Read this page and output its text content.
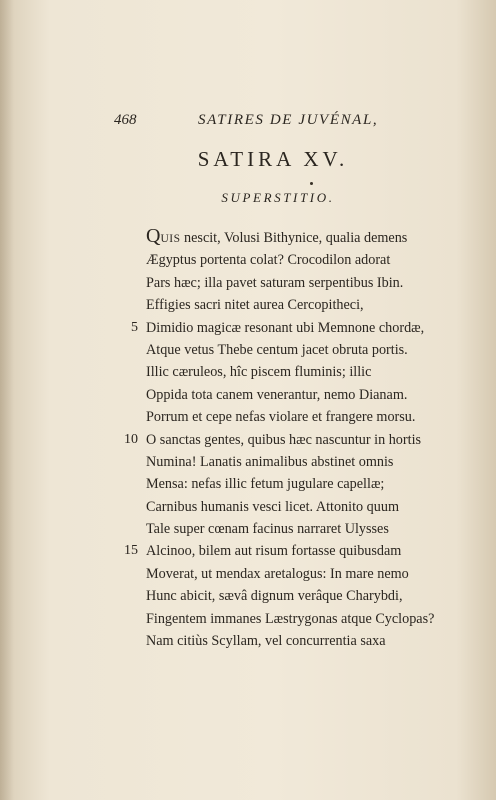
468	SATIRES DE JUVÉNAL,
SATIRA XV.
SUPERSTITIO.
QUIS nescit, Volusi Bithynice, qualia demens
Ægyptus portenta colat? Crocodilon adorat
Pars hæc; illa pavet saturam serpentibus Ibin.
Effigies sacri nitet aurea Cercopitheci,
5 Dimidio magicæ resonant ubi Memnone chordæ,
Atque vetus Thebe centum jacet obruta portis.
Illic cæruleos, hîc piscem fluminis; illic
Oppida tota canem venerantur, nemo Dianam.
Porrum et cepe nefas violare et frangere morsu.
10 O sanctas gentes, quibus hæc nascuntur in hortis
Numina! Lanatis animalibus abstinet omnis
Mensa: nefas illic fetum jugulare capellæ;
Carnibus humanis vesci licet. Attonito quum
Tale super cœnam facinus narraret Ulysses
15 Alcinoo, bilem aut risum fortasse quibusdam
Moverat, ut mendax aretalogus: In mare nemo
Hunc abicit, sævâ dignum verâque Charybdi,
Fingentem immanes Læstrygonas atque Cyclopas?
Nam citiùs Scyllam, vel concurrentia saxa
